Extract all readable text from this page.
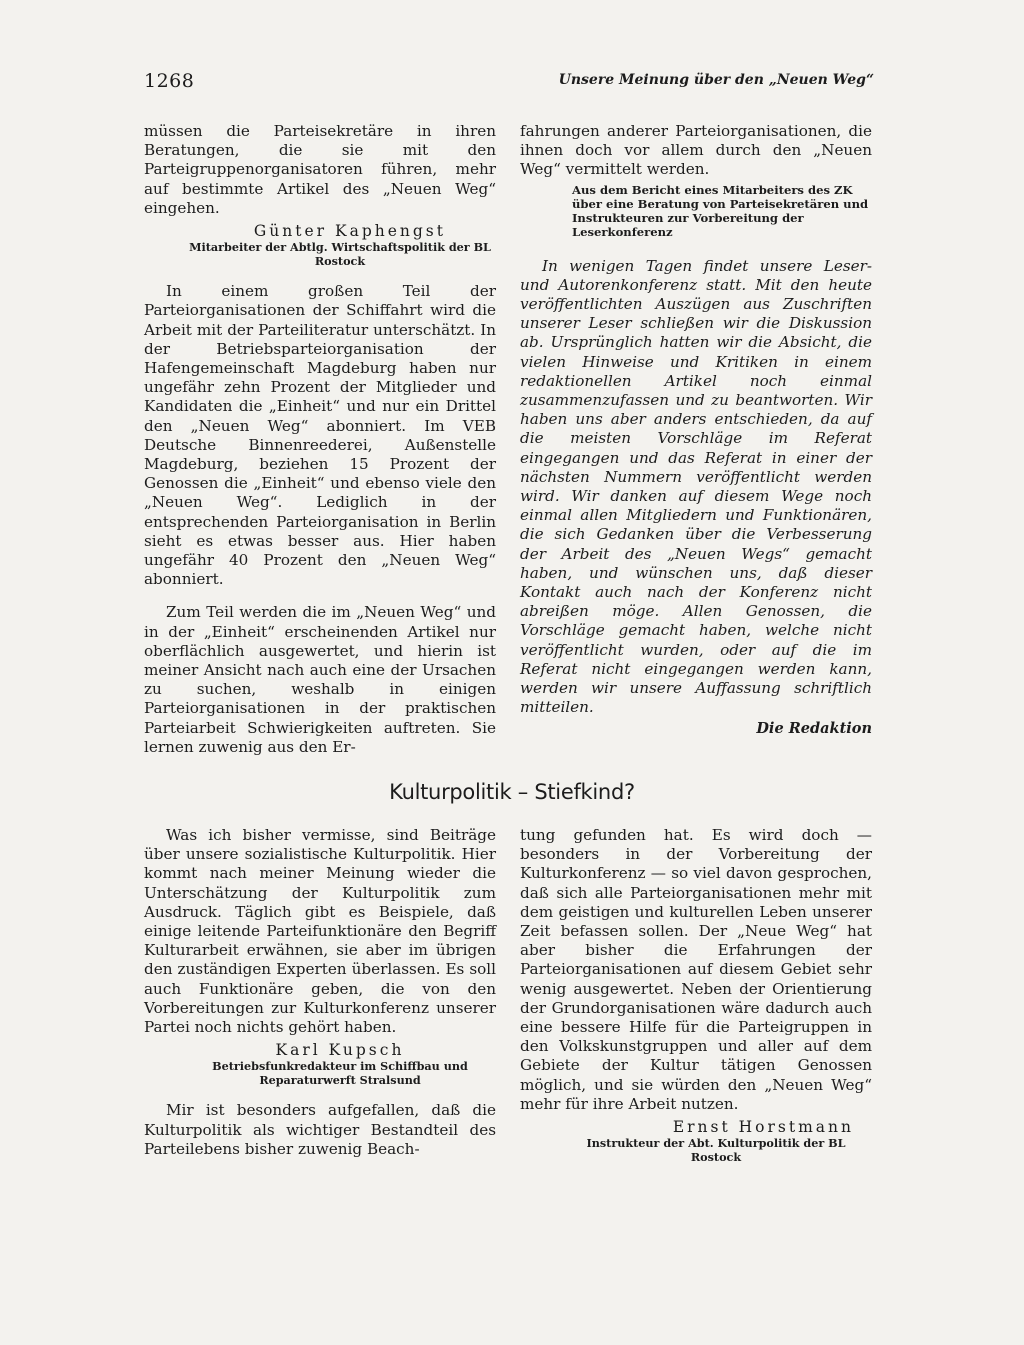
1268	Unsere Meinung über den „Neuen Weg“

müssen die Parteisekretäre in ihren Beratungen, die sie mit den Parteigruppenorganisatoren führen, mehr auf bestimmte Artikel des „Neuen Weg“ eingehen.

Günter Kaphengst

Mitarbeiter der Abtlg. Wirtschaftspolitik der BL Rostock

In einem großen Teil der Parteiorganisationen der Schiffahrt wird die Arbeit mit der Parteiliteratur unterschätzt. In der Betriebsparteiorganisation der Hafengemeinschaft Magdeburg haben nur ungefähr zehn Prozent der Mitglieder und Kandidaten die „Einheit“ und nur ein Drittel den „Neuen Weg“ abonniert. Im VEB Deutsche Binnenreederei, Außenstelle Magdeburg, beziehen 15 Prozent der Genossen die „Einheit“ und ebenso viele den „Neuen Weg“. Lediglich in der entsprechenden Parteiorganisation in Berlin sieht es etwas besser aus. Hier haben ungefähr 40 Prozent den „Neuen Weg“ abonniert.

Zum Teil werden die im „Neuen Weg“ und in der „Einheit“ erscheinenden Artikel nur oberflächlich ausgewertet, und hierin ist meiner Ansicht nach auch eine der Ursachen zu suchen, weshalb in einigen Parteiorganisationen in der praktischen Parteiarbeit Schwierigkeiten auftreten. Sie lernen zuwenig aus den Er-

fahrungen anderer Parteiorganisationen, die ihnen doch vor allem durch den „Neuen Weg“ vermittelt werden.

Aus dem Bericht eines Mitarbeiters des ZK über eine Beratung von Parteisekretären und Instrukteuren zur Vorbereitung der Leserkonferenz

In wenigen Tagen findet unsere Leser- und Autorenkonferenz statt. Mit den heute veröffentlichten Auszügen aus Zuschriften unserer Leser schließen wir die Diskussion ab. Ursprünglich hatten wir die Absicht, die vielen Hinweise und Kritiken in einem redaktionellen Artikel noch einmal zusammenzufassen und zu beantworten. Wir haben uns aber anders entschieden, da auf die meisten Vorschläge im Referat eingegangen und das Referat in einer der nächsten Nummern veröffentlicht werden wird. Wir danken auf diesem Wege noch einmal allen Mitgliedern und Funktionären, die sich Gedanken über die Verbesserung der Arbeit des „Neuen Wegs“ gemacht haben, und wünschen uns, daß dieser Kontakt auch nach der Konferenz nicht abreißen möge. Allen Genossen, die Vorschläge gemacht haben, welche nicht veröffentlicht wurden, oder auf die im Referat nicht eingegangen werden kann, werden wir unsere Auffassung schriftlich mitteilen.

Die Redaktion

Kulturpolitik – Stiefkind?

Was ich bisher vermisse, sind Beiträge über unsere sozialistische Kulturpolitik. Hier kommt nach meiner Meinung wieder die Unterschätzung der Kulturpolitik zum Ausdruck. Täglich gibt es Beispiele, daß einige leitende Parteifunktionäre den Begriff Kulturarbeit erwähnen, sie aber im übrigen den zuständigen Experten überlassen. Es soll auch Funktionäre geben, die von den Vorbereitungen zur Kulturkonferenz unserer Partei noch nichts gehört haben.

Karl Kupsch

Betriebsfunkredakteur im Schiffbau und Reparaturwerft Stralsund

Mir ist besonders aufgefallen, daß die Kulturpolitik als wichtiger Bestandteil des Parteilebens bisher zuwenig Beach-

tung gefunden hat. Es wird doch — besonders in der Vorbereitung der Kulturkonferenz — so viel davon gesprochen, daß sich alle Parteiorganisationen mehr mit dem geistigen und kulturellen Leben unserer Zeit befassen sollen. Der „Neue Weg“ hat aber bisher die Erfahrungen der Parteiorganisationen auf diesem Gebiet sehr wenig ausgewertet. Neben der Orientierung der Grundorganisationen wäre dadurch auch eine bessere Hilfe für die Parteigruppen in den Volkskunstgruppen und aller auf dem Gebiete der Kultur tätigen Genossen möglich, und sie würden den „Neuen Weg“ mehr für ihre Arbeit nutzen.

Ernst Horstmann

Instrukteur der Abt. Kulturpolitik der BL Rostock
